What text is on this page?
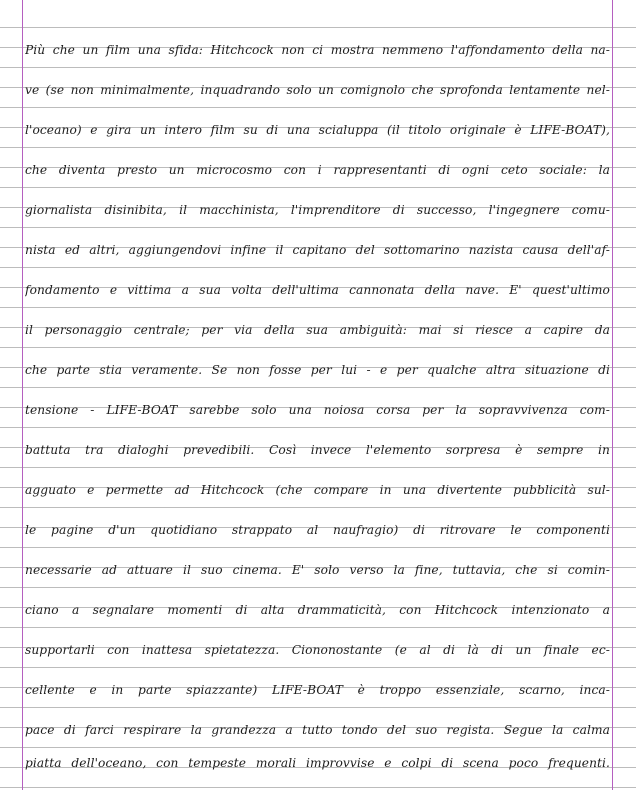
Più che un film una sfida: Hitchcock non ci mostra nemmeno l'affondamento della na-
ve (se non minimalmente, inquadrando solo un comignolo che sprofonda lentamente nel-
l'oceano) e gira un intero film su di una scialuppa (il titolo originale è LIFE-BOAT),
che diventa presto un microcosmo con i rappresentanti di ogni ceto sociale: la
giornalista disinibita, il macchinista, l'imprenditore di successo, l'ingegnere comu-
nista ed altri, aggiungendovi infine il capitano del sottomarino nazista causa dell'af-
fondamento e vittima a sua volta dell'ultima cannonata della nave. E' quest'ultimo
il personaggio centrale; per via della sua ambiguità: mai si riesce a capire da
che parte stia veramente. Se non fosse per lui - e per qualche altra situazione di
tensione - LIFE-BOAT sarebbe solo una noiosa corsa per la sopravvivenza com-
battuta tra dialoghi prevedibili. Così invece l'elemento sorpresa è sempre in
agguato e permette ad Hitchcock (che compare in una divertente pubblicità sul-
le pagine d'un quotidiano strappato al naufragio) di ritrovare le componenti
necessarie ad attuare il suo cinema. E' solo verso la fine, tuttavia, che si comin-
ciano a segnalare momenti di alta drammaticità, con Hitchcock intenzionato a
supportarli con inattesa spietatezza. Ciononostante (e al di là di un finale ec-
cellente e in parte spiazzante) LIFE-BOAT è troppo essenziale, scarno, inca-
pace di farci respirare la grandezza a tutto tondo del suo regista. Segue la calma
piatta dell'oceano, con tempeste morali improvvise e colpi di scena poco frequenti.
